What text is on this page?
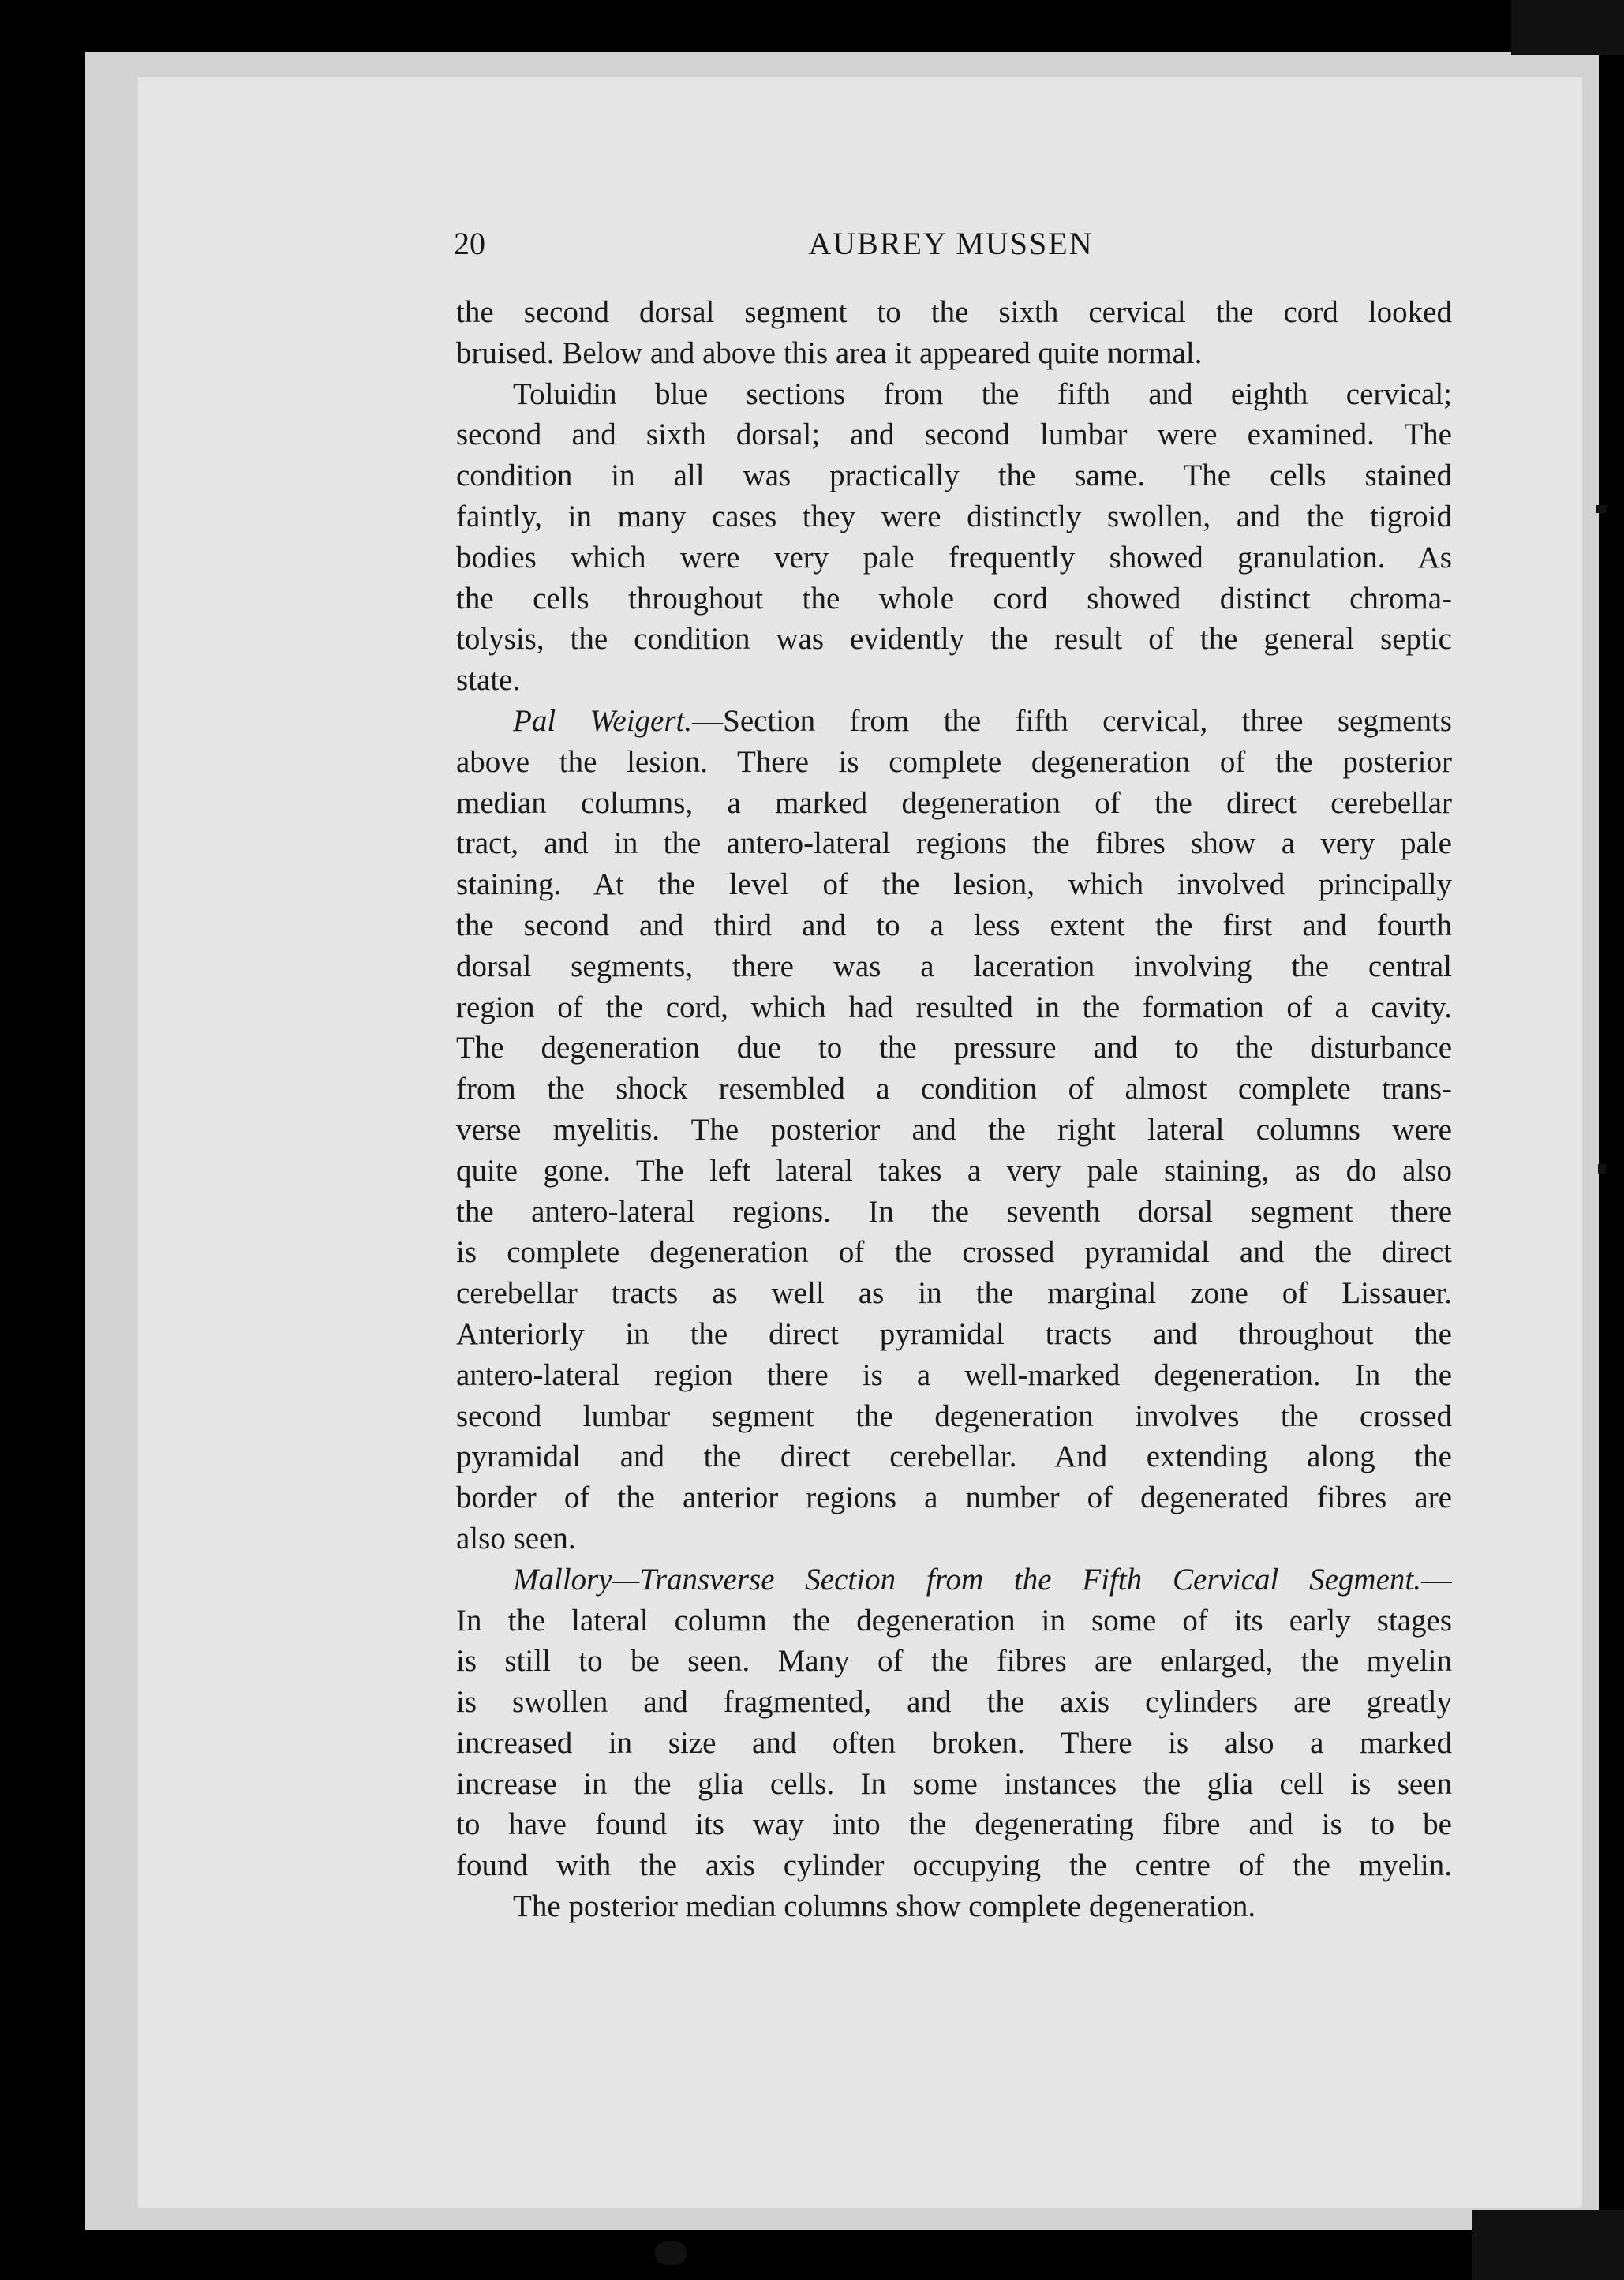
20	AUBREY MUSSEN
the second dorsal segment to the sixth cervical the cord looked
bruised. Below and above this area it appeared quite normal.
Toluidin blue sections from the fifth and eighth cervical;
second and sixth dorsal; and second lumbar were examined. The
condition in all was practically the same. The cells stained
faintly, in many cases they were distinctly swollen, and the tigroid
bodies which were very pale frequently showed granulation. As
the cells throughout the whole cord showed distinct chroma-
tolysis, the condition was evidently the result of the general septic
state.
Pal Weigert.—Section from the fifth cervical, three segments
above the lesion. There is complete degeneration of the posterior
median columns, a marked degeneration of the direct cerebellar
tract, and in the antero-lateral regions the fibres show a very pale
staining. At the level of the lesion, which involved principally
the second and third and to a less extent the first and fourth
dorsal segments, there was a laceration involving the central
region of the cord, which had resulted in the formation of a cavity.
The degeneration due to the pressure and to the disturbance
from the shock resembled a condition of almost complete trans-
verse myelitis. The posterior and the right lateral columns were
quite gone. The left lateral takes a very pale staining, as do also
the antero-lateral regions. In the seventh dorsal segment there
is complete degeneration of the crossed pyramidal and the direct
cerebellar tracts as well as in the marginal zone of Lissauer.
Anteriorly in the direct pyramidal tracts and throughout the
antero-lateral region there is a well-marked degeneration. In the
second lumbar segment the degeneration involves the crossed
pyramidal and the direct cerebellar. And extending along the
border of the anterior regions a number of degenerated fibres are
also seen.
Mallory—Transverse Section from the Fifth Cervical Segment.—
In the lateral column the degeneration in some of its early stages
is still to be seen. Many of the fibres are enlarged, the myelin
is swollen and fragmented, and the axis cylinders are greatly
increased in size and often broken. There is also a marked
increase in the glia cells. In some instances the glia cell is seen
to have found its way into the degenerating fibre and is to be
found with the axis cylinder occupying the centre of the myelin.
The posterior median columns show complete degeneration.
